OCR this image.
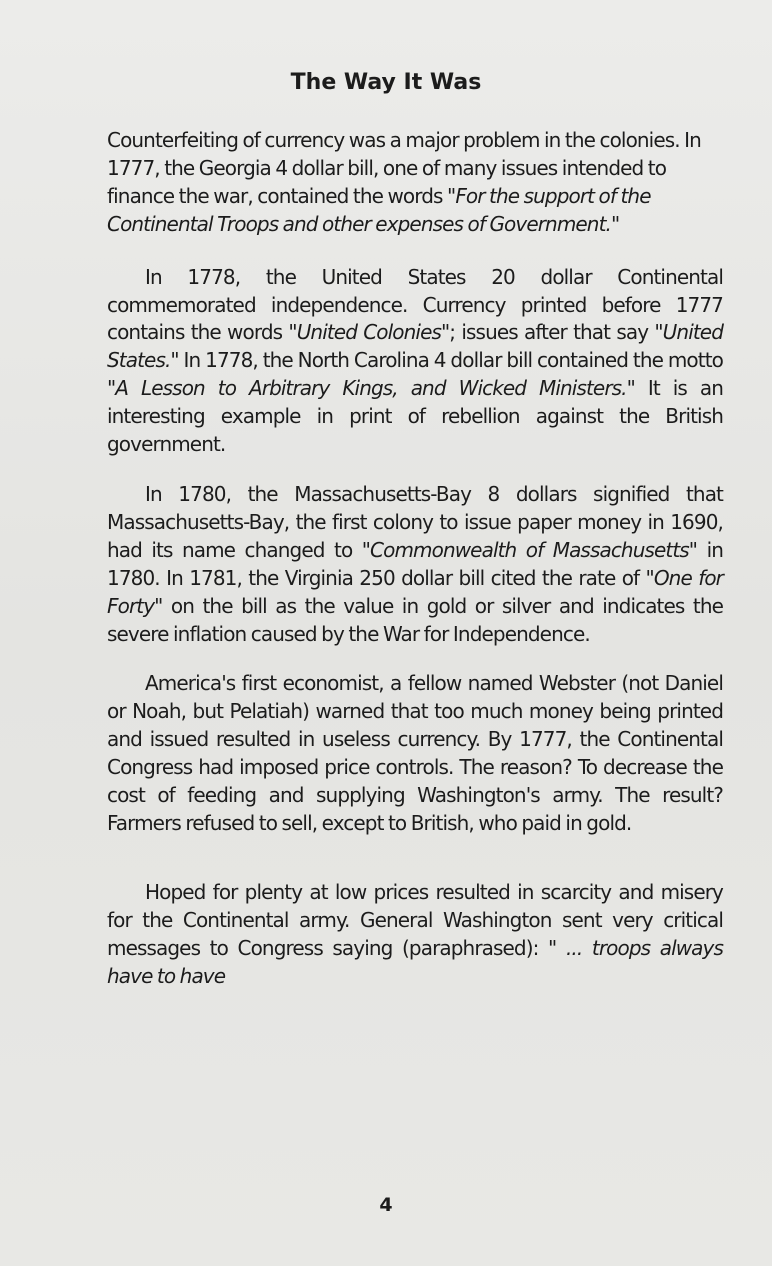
The Way It Was

Counterfeiting of currency was a major problem in the colonies. In 1777, the Georgia 4 dollar bill, one of many issues intended to finance the war, contained the words "For the support of the Continental Troops and other expenses of Government."

In 1778, the United States 20 dollar Continental commemorated independence. Currency printed before 1777 contains the words "United Colonies"; issues after that say "United States." In 1778, the North Carolina 4 dollar bill contained the motto "A Lesson to Arbitrary Kings, and Wicked Ministers." It is an interesting example in print of rebellion against the British government.

In 1780, the Massachusetts-Bay 8 dollars signified that Massachusetts-Bay, the first colony to issue paper money in 1690, had its name changed to "Commonwealth of Massachusetts" in 1780. In 1781, the Virginia 250 dollar bill cited the rate of "One for Forty" on the bill as the value in gold or silver and indicates the severe inflation caused by the War for Independence.

America's first economist, a fellow named Webster (not Daniel or Noah, but Pelatiah) warned that too much money being printed and issued resulted in useless currency. By 1777, the Continental Congress had imposed price controls. The reason? To decrease the cost of feeding and supplying Washington's army. The result? Farmers refused to sell, except to British, who paid in gold.

Hoped for plenty at low prices resulted in scarcity and misery for the Continental army. General Washington sent very critical messages to Congress saying (paraphrased): " ... troops always have to have

4
